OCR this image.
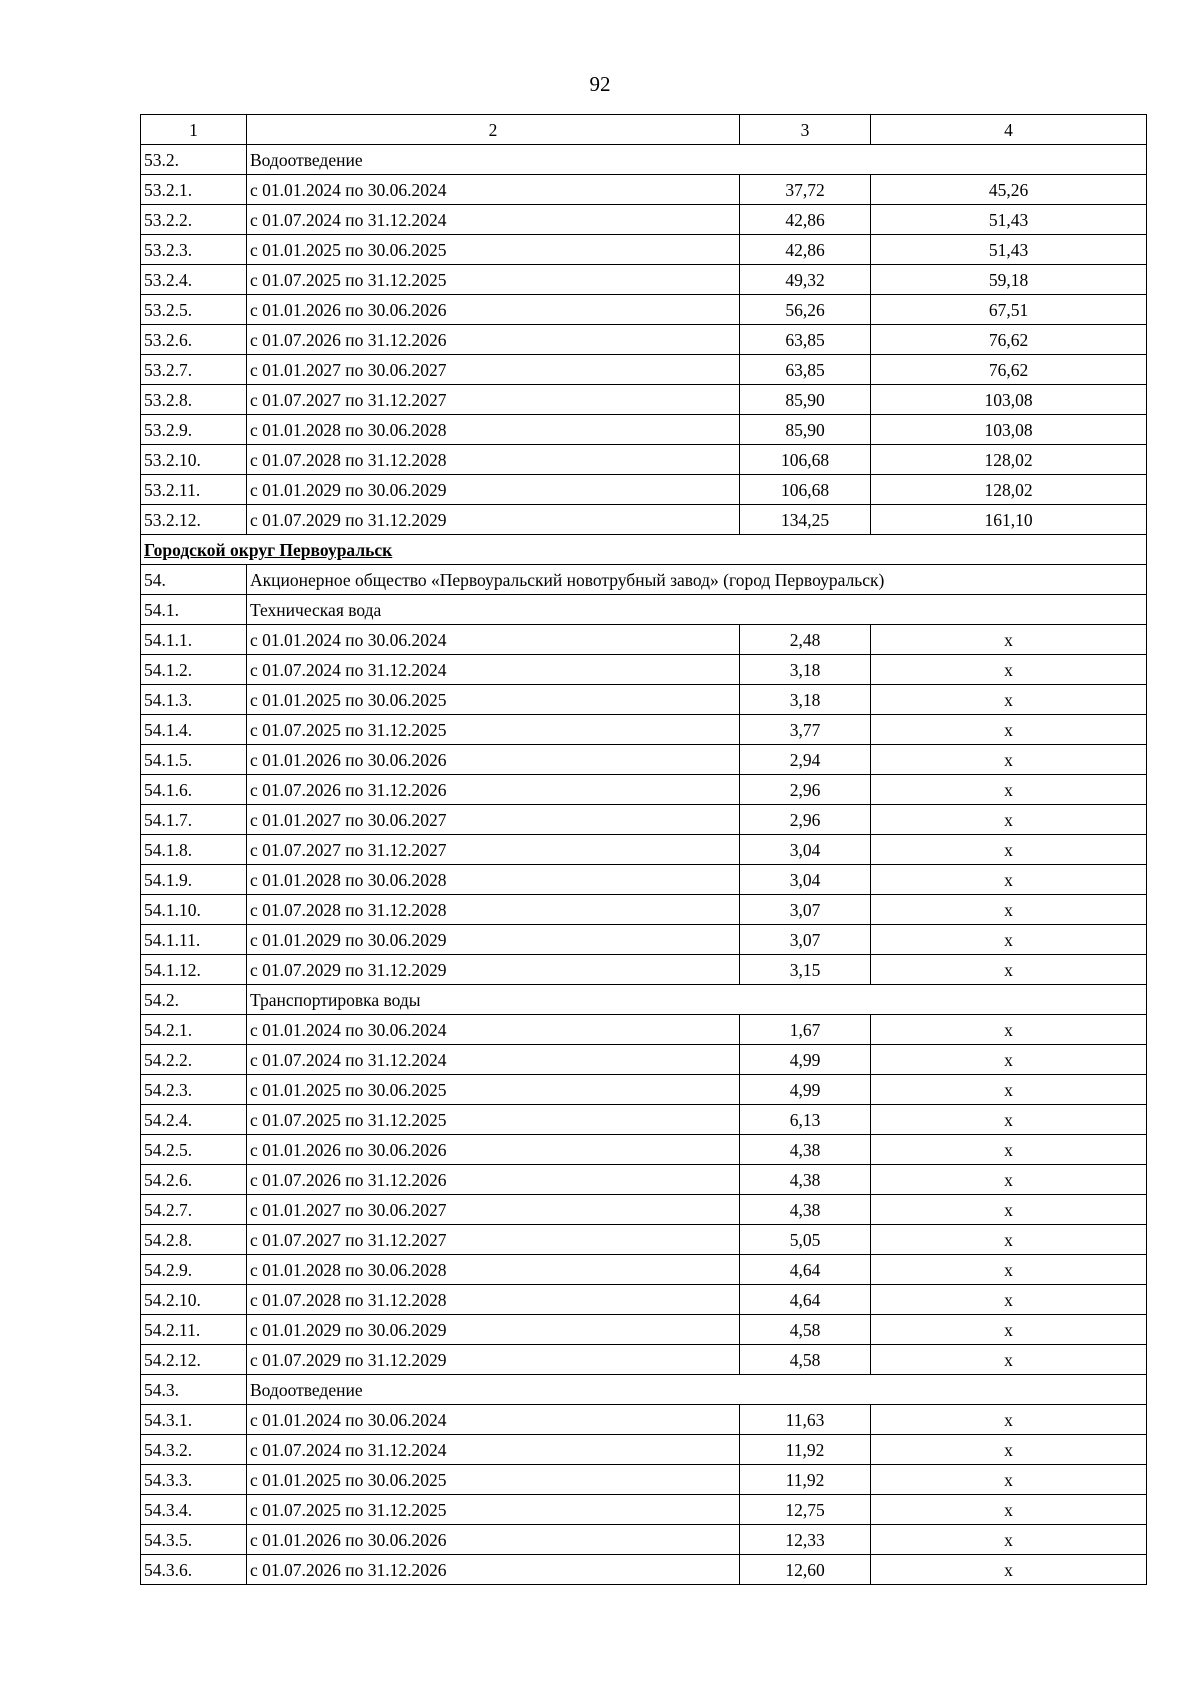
92
1	2	3	4
53.2.	Водоотведение		
53.2.1.	с 01.01.2024 по 30.06.2024	37,72	45,26
53.2.2.	с 01.07.2024 по 31.12.2024	42,86	51,43
53.2.3.	с 01.01.2025 по 30.06.2025	42,86	51,43
53.2.4.	с 01.07.2025 по 31.12.2025	49,32	59,18
53.2.5.	с 01.01.2026 по 30.06.2026	56,26	67,51
53.2.6.	с 01.07.2026 по 31.12.2026	63,85	76,62
53.2.7.	с 01.01.2027 по 30.06.2027	63,85	76,62
53.2.8.	с 01.07.2027 по 31.12.2027	85,90	103,08
53.2.9.	с 01.01.2028 по 30.06.2028	85,90	103,08
53.2.10.	с 01.07.2028 по 31.12.2028	106,68	128,02
53.2.11.	с 01.01.2029 по 30.06.2029	106,68	128,02
53.2.12.	с 01.07.2029 по 31.12.2029	134,25	161,10
Городской округ Первоуральск			
54.	Акционерное общество «Первоуральский новотрубный завод» (город Первоуральск)		
54.1.	Техническая вода		
54.1.1.	с 01.01.2024 по 30.06.2024	2,48	x
54.1.2.	с 01.07.2024 по 31.12.2024	3,18	x
54.1.3.	с 01.01.2025 по 30.06.2025	3,18	x
54.1.4.	с 01.07.2025 по 31.12.2025	3,77	x
54.1.5.	с 01.01.2026 по 30.06.2026	2,94	x
54.1.6.	с 01.07.2026 по 31.12.2026	2,96	x
54.1.7.	с 01.01.2027 по 30.06.2027	2,96	x
54.1.8.	с 01.07.2027 по 31.12.2027	3,04	x
54.1.9.	с 01.01.2028 по 30.06.2028	3,04	x
54.1.10.	с 01.07.2028 по 31.12.2028	3,07	x
54.1.11.	с 01.01.2029 по 30.06.2029	3,07	x
54.1.12.	с 01.07.2029 по 31.12.2029	3,15	x
54.2.	Транспортировка воды		
54.2.1.	с 01.01.2024 по 30.06.2024	1,67	x
54.2.2.	с 01.07.2024 по 31.12.2024	4,99	x
54.2.3.	с 01.01.2025 по 30.06.2025	4,99	x
54.2.4.	с 01.07.2025 по 31.12.2025	6,13	x
54.2.5.	с 01.01.2026 по 30.06.2026	4,38	x
54.2.6.	с 01.07.2026 по 31.12.2026	4,38	x
54.2.7.	с 01.01.2027 по 30.06.2027	4,38	x
54.2.8.	с 01.07.2027 по 31.12.2027	5,05	x
54.2.9.	с 01.01.2028 по 30.06.2028	4,64	x
54.2.10.	с 01.07.2028 по 31.12.2028	4,64	x
54.2.11.	с 01.01.2029 по 30.06.2029	4,58	x
54.2.12.	с 01.07.2029 по 31.12.2029	4,58	x
54.3.	Водоотведение		
54.3.1.	с 01.01.2024 по 30.06.2024	11,63	x
54.3.2.	с 01.07.2024 по 31.12.2024	11,92	x
54.3.3.	с 01.01.2025 по 30.06.2025	11,92	x
54.3.4.	с 01.07.2025 по 31.12.2025	12,75	x
54.3.5.	с 01.01.2026 по 30.06.2026	12,33	x
54.3.6.	с 01.07.2026 по 31.12.2026	12,60	x
